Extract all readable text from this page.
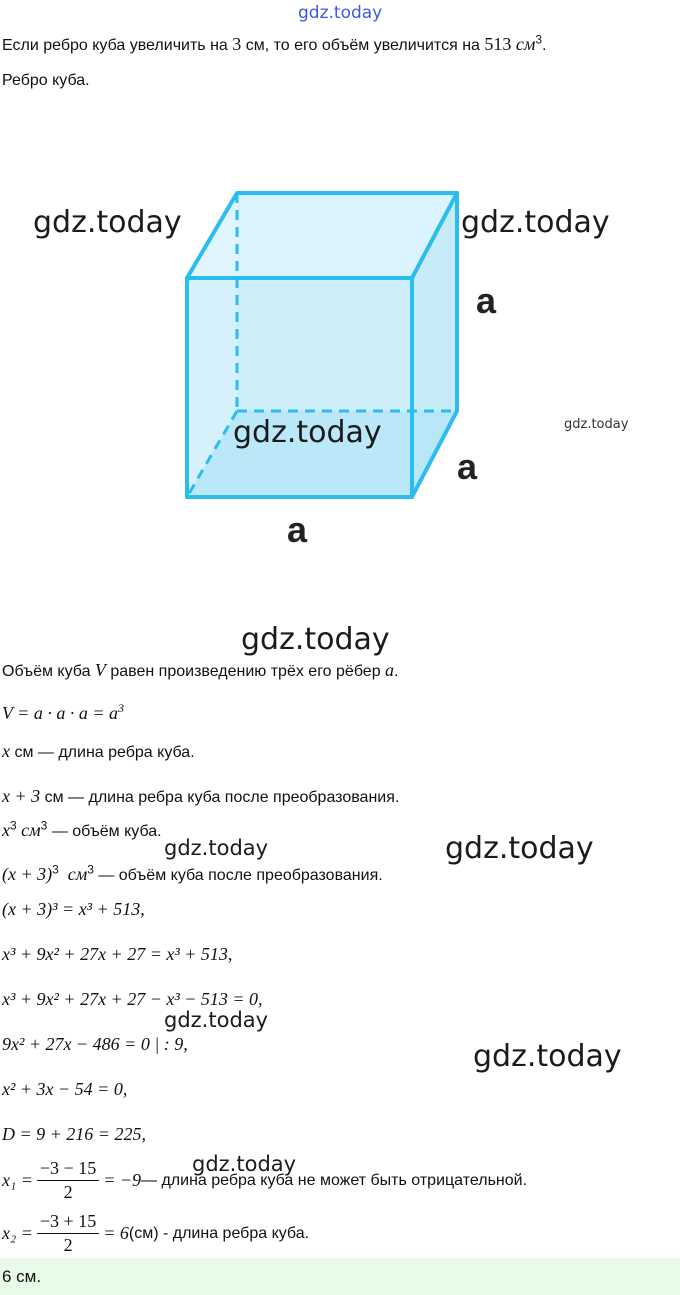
gdz.today
Если ребро куба увеличить на 3 см, то его объём увеличится на 513 $см^3$.
Ребро куба.
a
a
a
gdz.today	gdz.today
gdz.today	gdz.today
gdz.today
gdz.today	gdz.today
gdz.today
gdz.today
gdz.today
Объём куба V равен произведению трёх его рёбер a.
$V = a \cdot a \cdot a = a^3$
x см — длина ребра куба.
x + 3 см — длина ребра куба после преобразования.
$x^3$ $см^3$ — объём куба.
$(x + 3)^3$ $см^3$ — объём куба после преобразования.
(x + 3)³ = x³ + 513,
x³ + 9x² + 27x + 27 = x³ + 513,
x³ + 9x² + 27x + 27 − x³ − 513 = 0,
9x² + 27x − 486 = 0 | : 9,
x² + 3x − 54 = 0,
D = 9 + 216 = 225,
$x_1 = \frac{-3 - 15}{2} = -9$ — длина ребра куба не может быть отрицательной.
$x_2 = \frac{-3 + 15}{2} = 6$ (см) - длина ребра куба.
6 см.	gdz.today
